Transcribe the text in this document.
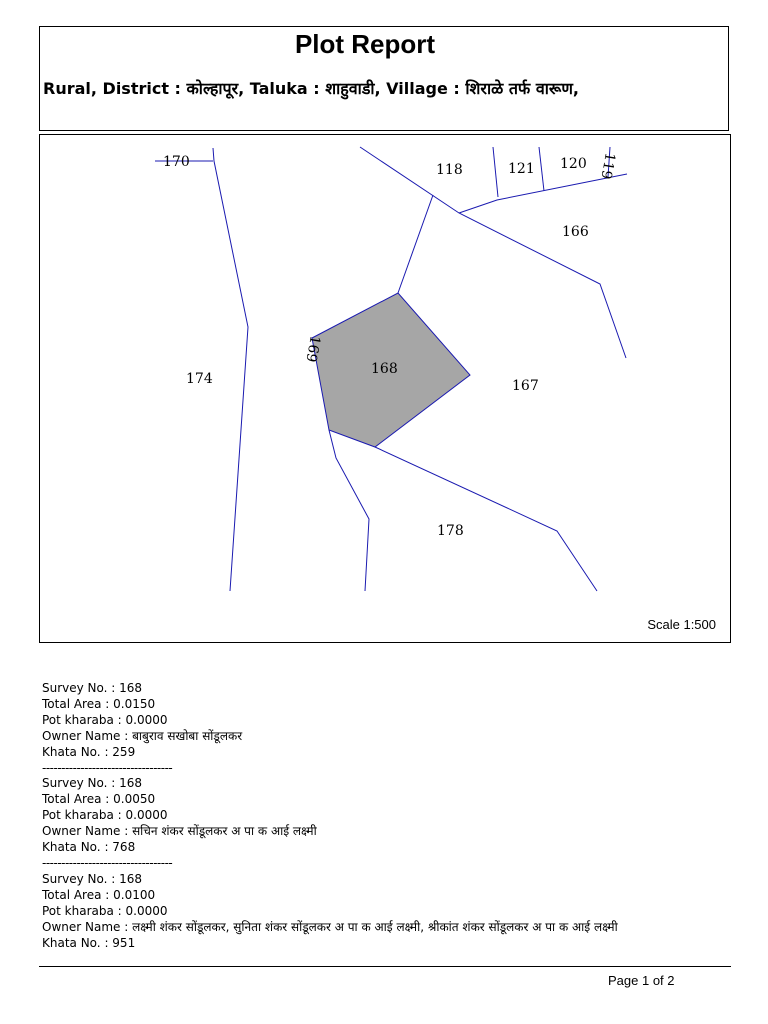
Plot Report
Rural, District : कोल्हापूर, Taluka : शाहुवाडी, Village : शिराळे तर्फ वारूण,
170	118	121 120 119
166
174
169
168
167
178
Scale 1:500
Survey No. : 168
Total Area : 0.0150
Pot kharaba : 0.0000
Owner Name : बाबुराव सखोबा सोंडूलकर
Khata No. : 259
----------------------------------
Survey No. : 168
Total Area : 0.0050
Pot kharaba : 0.0000
Owner Name : सचिन शंकर सोंडूलकर अ पा क आई लक्ष्मी
Khata No. : 768
----------------------------------
Survey No. : 168
Total Area : 0.0100
Pot kharaba : 0.0000
Owner Name : लक्ष्मी शंकर सोंडूलकर, सुनिता शंकर सोंडूलकर अ पा क आई लक्ष्मी, श्रीकांत शंकर सोंडूलकर अ पा क आई लक्ष्मी
Khata No. : 951
Page 1 of 2
